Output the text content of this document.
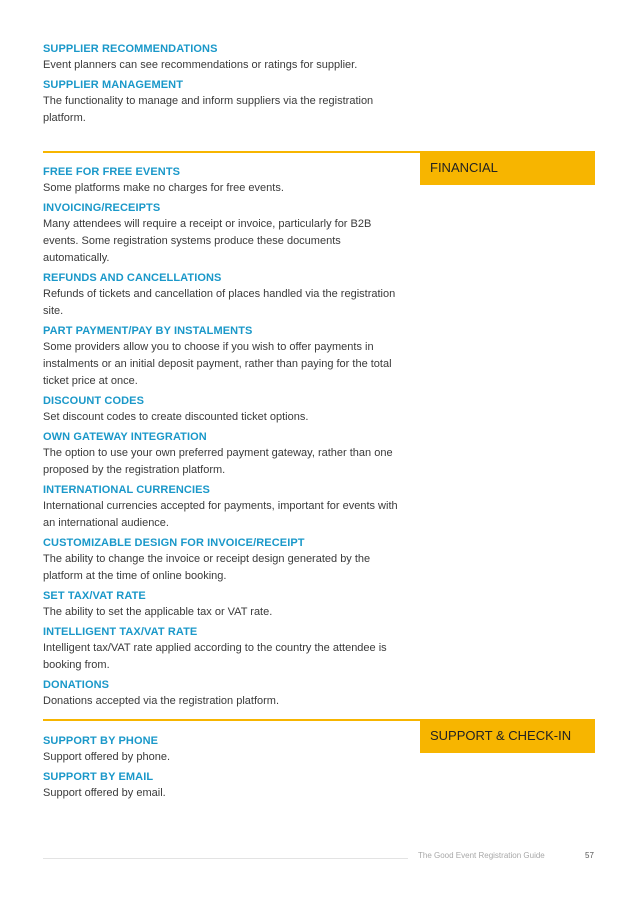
SUPPLIER RECOMMENDATIONS
Event planners can see recommendations or ratings for supplier.
SUPPLIER MANAGEMENT
The functionality to manage and inform suppliers via the registration platform.
FINANCIAL
FREE FOR FREE EVENTS
Some platforms make no charges for free events.
INVOICING/RECEIPTS
Many attendees will require a receipt or invoice, particularly for B2B events. Some registration systems produce these documents automatically.
REFUNDS AND CANCELLATIONS
Refunds of tickets and cancellation of places handled via the registration site.
PART PAYMENT/PAY BY INSTALMENTS
Some providers allow you to choose if you wish to offer payments in instalments or an initial deposit payment, rather than paying for the total ticket price at once.
DISCOUNT CODES
Set discount codes to create discounted ticket options.
OWN GATEWAY INTEGRATION
The option to use your own preferred payment gateway, rather than one proposed by the registration platform.
INTERNATIONAL CURRENCIES
International currencies accepted for payments, important for events with an international audience.
CUSTOMIZABLE DESIGN FOR INVOICE/RECEIPT
The ability to change the invoice or receipt design generated by the platform at the time of online booking.
SET TAX/VAT RATE
The ability to set the applicable tax or VAT rate.
INTELLIGENT TAX/VAT RATE
Intelligent tax/VAT rate applied according to the country the attendee is booking from.
DONATIONS
Donations accepted via the registration platform.
SUPPORT & CHECK-IN
SUPPORT BY PHONE
Support offered by phone.
SUPPORT BY EMAIL
Support offered by email.
The Good Event Registration Guide	57
